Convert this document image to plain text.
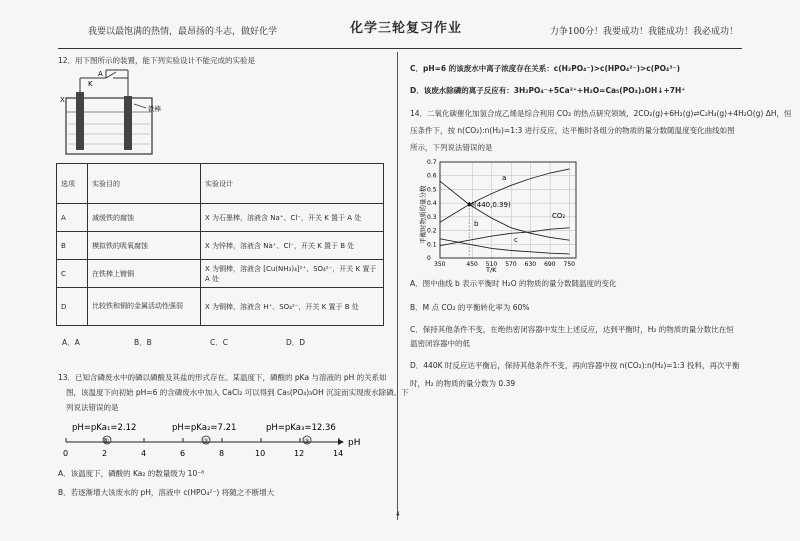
我要以最饱满的热情，最昂扬的斗志，做好化学	化学三轮复习作业	力争100分！我要成功！我能成功！我必成功！
12．用下图所示的装置，能下列实验设计不能完成的实验是
A
K
X
铁棒
选项	实验目的	实验设计
A	减缓铁的腐蚀	X 为石墨棒，溶液含 Na⁺、Cl⁻，开关 K 置于 A 处
B	模拟铁的吸氧腐蚀	X 为锌棒，溶液含 Na⁺、Cl⁻，开关 K 置于 B 处
C	在铁棒上镀铜	X 为铜棒，溶液含 [Cu(NH₃)₄]²⁺、SO₄²⁻，开关 K 置于 A 处
D	比较铁和铜的金属活动性强弱	X 为铜棒，溶液含 H⁺、SO₄²⁻，开关 K 置于 B 处
A．A	B．B	C．C	D．D
13．已知含磷废水中的磷以磷酸及其盐的形式存在。某温度下，磷酸的 pKa 与溶液的 pH 的关系如
图，该温度下向初始 pH=6 的含磷废水中加入 CaCl₂ 可以得到 Ca₅(PO₄)₃OH 沉淀而实现废水除磷。下
列说法错误的是
0	2	4	6	8	10	12	14
pH
pH=pKa₁=2.12	pH=pKa₂=7.21	pH=pKa₃=12.36
①	②	③
A．该温度下，磷酸的 Ka₂ 的数量级为 10⁻⁸
B．若逐渐增大该废水的 pH，溶液中 c(HPO₄²⁻) 将随之不断增大
C．pH=6 的该废水中离子浓度存在关系：c(H₂PO₄⁻)>c(HPO₄²⁻)>c(PO₄³⁻)
D．该废水除磷的离子反应有：3H₂PO₄⁻+5Ca²⁺+H₂O=Ca₅(PO₄)₃OH↓+7H⁺
14．二氧化碳催化加氢合成乙烯是综合利用 CO₂ 的热点研究领域，2CO₂(g)+6H₂(g)⇌C₂H₄(g)+4H₂O(g) ΔH，恒
压条件下，按 n(CO₂):n(H₂)=1:3 进行反应，达平衡时各组分的物质的量分数随温度变化曲线如图
所示，下列说法错误的是
350	450 510 570 630 690 750
0
0.1
0.2
0.3
0.4
0.5
0.6
0.7
平衡时物质的量分数
T/K
M(440,0.39)
a
b
CO₂
c
A．图中曲线 b 表示平衡时 H₂O 的物质的量分数随温度的变化
B．M 点 CO₂ 的平衡转化率为 60%
C．保持其他条件不变，在绝热密闭容器中发生上述反应，达到平衡时，H₂ 的物质的量分数比在恒
温密闭容器中的低
D．440K 时反应达平衡后，保持其他条件不变，再向容器中按 n(CO₂):n(H₂)=1:3 投料，再次平衡
时，H₂ 的物质的量分数为 0.39
4
